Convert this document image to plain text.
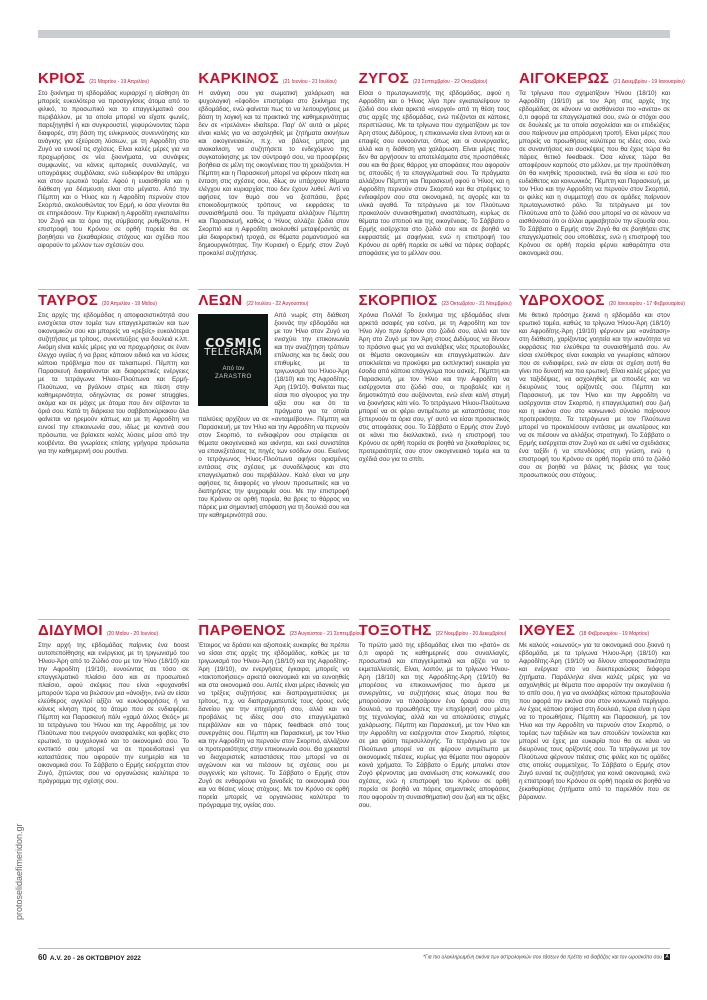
ΚΡΙΟΣ (21 Μαρτίου - 19 Απριλίου)

Στο ξεκίνημα τη εβδομάδας κυριαρχεί η αίσθηση ότι μπορείς ευκολότερα να προσεγγίσεις άτομα από το φιλικό, το προσωπικό και το επαγγελματικό σου περιβάλλον, με τα οποία μπορεί να είχατε φωνές, παρεξηγηθεί ή και συγκρουστεί, γεφυρώνοντας τώρα διαφορές, στη βάση της ειλικρινούς συνεννόησης και ανάγκης για εξεύρεση λύσεων, με τη Αφροδίτη στο Ζυγό να ευνοεί τις σχέσεις. Είναι καλές μέρες για να προχωρήσεις σε νέα ξεκινήματα, να συνάψεις συμφωνίες, να κάνεις εμπορικές συναλλαγές, να υπογράψεις συμβόλαια, ενώ ευδιαφέρον θα υπάρχει και στον ερωτικό τομέα. Αφού η ευαισθησία και η διάθεση για δέσμευση είναι στο μέγιστο. Από την Πέμπτη και ο Ήλιος και η Αφροδίτη περνούν στον Σκορπιό, ακολουθώντας τον Ερμή, κι όσα γίνονται θα σε επηρεάσουν. Την Κυριακή η Αφροδίτη εγκαταλείπει τον Ζυγό και τα όρια της σύμβασης ρυθμίζονται. Η επιστροφή του Κρόνου σε ορθή πορεία θα σε βοηθήσει να ξεκαθαρίσεις στόχους και σχέδια που αφορούν το μέλλον των σχέσεών σου.

ΤΑΥΡΟΣ (20 Απριλίου - 19 Μαΐου)

Στις αρχές της εβδομάδας η αποφασιστικότητά σου ενισχύεται στον τομέα των επαγγελματικών και των οικονομικών σου και μπορείς να «ρεξείς» ευκολότερα συζητήσεις με τρίτους, συνεντεύξεις για δουλειά κ.λπ. Ακόμη είναι καλές μέρες για να προχωρήσεις σε έναν έλεγχο υγείας ή να βρεις κάποιον ειδικό και να λύσεις κάποιο πρόβλημα που σε ταλαιπωρεί. Πέμπτη και Παρασκευή διαφαίνονται και διαφορετικές ενέργειες με τα τετράγωνα Ήλιου-Πλούτωνα και Ερμή-Πλούτωνα, να βγάλουν στρες και πίεση στην καθημερινότητα, οδηγώντας σε power struggles, ακόμα και σε μάχες με άτομα που δεν σέβονται τα όριά σου. Κατά τη διάρκεια του σαββατοκύριακου όλα φαίνεται να ηρεμούν κάπως και με τη Αφροδίτη να ευνοεί την επικοινωνία σου, ιδίως με κοντινά σου πρόσωπα, να βρίσκετε καλές λύσεις μέσα από την κουβέντα. Θα γνωρίσεις επίσης γρήγορα πρόσωπα για την καθημερινή σου ρουτίνα.

ΔΙΔΥΜΟΙ (20 Μαΐου - 20 Ιουνίου)

Στην αρχή της εβδομάδας παίρνεις ένα boost αυτοπεποίθησης και ενέργειας με τη τριγωνισμό του Ήλιου-Άρη από το Ζώδιό σου με τον Ήλιο (18/10) και την Αφροδίτη (19/10), ευνοώντας σε τόσο σε επαγγελματικό πλαίσιο όσο και σε προσωπικό πλαίσιο, αφού σκέψεις που είναι «ψυχαναθεί μπορούν τώρα να βιώσουν μια «άνοιξη», ενώ αν είσαι ελεύθερος αγγελοί αξίζει να κυκλοφορήσεις ή να κάνεις κίνηση προς το άτομο που σε ενδιαφέρει. Πέμπτη και Παρασκευή πάλι «χαμό άλλος Θεός» με τα τετράγωνα του Ήλιου και της Αφροδίτης με τον Πλούτωνα που ενεργούν ανασφαλείες και φοβίες στο ερωτικό, το ψυχολογικό και το οικονομικό σου. Το ενστικτό σου μπορεί να σε προειδοποιεί για καταστάσεις που αφορούν την ευημερία και τα οικονομικά σου. Το Σάββατο ο Ερμής εισέρχεται στον Ζυγό, ζητώντας σου να οργανώσεις καλύτερα το πρόγραμμα της σχέσης σου.

ΚΑΡΚΙΝΟΣ (21 Ιουνίου - 21 Ιουλίου)

Η ανάγκη σου για σωματική χαλάρωση και ψυχολογική «έφοδο» επιστρέφει στο ξεκίνημα της εβδομάδας, ενώ φαίνεται πως το να λειτουργήσεις με βάση τη λογική και τα πρακτικά της καθημερινότητας δεν σε «τρελάνει» ιδιαίτερα. Παρ' όλ' αυτά οι μέρες είναι καλές για να ασχοληθείς με ζητήματα ακινήτων και οικογενειακών, π.χ. να βάλεις μπρος μια ανακαίνιση, να συζητήσετε το ενδεχόμενο της συγκατοίκησης με τον σύντροφό σου, να προσφέρεις βοήθεια σε μέλη της οικογένειας που τη χρειάζονται. Η Πέμπτη και η Παρασκευή μπορεί να φέρουν πίεση και ένταση στις σχέσεις σου, ιδίως αν υπάρχουν θέματα ελέγχου και κυριαρχίας που δεν έχουν λυθεί. Αντί να αφήσεις τον θυμό σου να ξεσπάσει, βρες εποικοδομητικούς τρόπους να εκφράσεις τα συναισθήματά σου. Τα πράγματα αλλάζουν Πέμπτη και Παρασκευή, καθώς ο Ήλιος αλλάζει ζώδιο στον Σκορπιό και η Αφροδίτη ακολουθεί μεταφέροντάς σε μία διαφορετική τροχιά, σε θέματα ρομαντισμού και δημιουργικότητας. Την Κυριακή ο Ερμής στον Ζυγό προκαλεί συζητήσεις.

ΛΕΩΝ (22 Ιουλίου - 22 Αυγούστου)

COSMIC
TELEGRAM
Από τον
ZARASTRO
Από νωρίς στη διάθεση ξεκινάς την εβδομάδα και με τον Ήλιο στον Ζυγό να ενισχύει την επικοινωνία και την αναζήτηση τρόπων επίλυσης και τις δικές σου επιθυμίες με τα τριγωνισμό του Ήλιου-Άρη (18/10) και της Αφροδίτης-Άρη (19/10). Φαίνεται πως είσαι πιο σίγουρος για την αξία σου και ότι τα πράγματα για τα οποία παλεύεις αρχίζουν να σε «ανταμείβουν». Πέμπτη και Παρασκευή, με τον Ήλιο και την Αφροδίτη να περνούν στον Σκορπιό, το ενδιαφέρον σου στρέφεται σε θέματα οικογενειακά και ακίνητα, και εκεί συνιστάται να επανεξετάσεις τις πηγές των εσόδων σου. Εκείνος ο τετράγωνος Ήλιος-Πλούτωνα αφήνει ορισμένες εντάσεις στις σχέσεις με συναδέλφους και στο επαγγελματικό σου περιβάλλον. Καλό είναι να μην αφήσεις τις διαφορές να γίνουν προσωπικές και να διατηρήσεις την ψυχραιμία σου. Με την επιστροφή του Κρόνου σε ορθή πορεία, θα βρεις το θάρρος να πάρεις μια σημαντική απόφαση για τη δουλειά σου και την καθημερινότητά σου.

ΠΑΡΘΕΝΟΣ (23 Αυγούστου - 21 Σεπτεμβρίου)

Έτοιμος να δράσει και αξιοποιείς ευκαιρίες θα πρέπει να είσαι στις αρχές της εβδομάδας, καθώς με τα τριγωνισμό του Ήλιου-Άρη (18/10) και της Αφροδίτης-Άρη (19/10), αν ενεργήσεις έγκαιρα, μπορείς να «τακτοποιήσεις» αρκετά οικονομικά και να ευνοηθείς και στα οικονομικά σου. Αυτές είναι μέρες ιδανικές για να τρέξεις συζητήσεις και διαπραγματεύσεις με τρίτους, π.χ. να διαπραγματευτείς τους όρους ενός δανείου για την επιχείρησή σου, αλλά και να προβάλεις τις ιδέες σου στο επαγγελματικό περιβάλλον και να πάρεις feedback από τους συνεργάτες σου. Πέμπτη και Παρασκευή, με τον Ήλιο και την Αφροδίτη να περνούν στον Σκορπιό, αλλάζουν οι προτεραιότητες στην επικοινωνία σου. Θα χρειαστεί να διαχειριστείς καταστάσεις που μπορεί να σε αγχώνουν και να πιέσουν τις σχέσεις σου με συγγενείς και γείτονες. Το Σάββατο ο Ερμής στον Ζυγό σε ενθαρρύνει να ξαναδείς τα οικονομικά σου και να θέσεις νέους στόχους. Με τον Κρόνο σε ορθή πορεία μπορείς να οργανώσεις καλύτερα το πρόγραμμα της υγείας σου.

ΖΥΓΟΣ (23 Σεπτεμβρίου - 22 Οκτωβρίου)

Είσαι ο πρωταγωνιστής της εβδομάδας, αφού η Αφροδίτη και ο Ήλιος λίγο πριν εγκαταλείψουν το ζώδιό σου είναι αρκετά «ενεργοί» από τη θέση τους στις αρχές της εβδομάδας, ενώ πιέζονται σε κάποιες περιπτώσεις. Με τα τρίγωνα που σχηματίζουν με τον Άρη στους Διδύμους, η επικοινωνία είναι έντονη και οι επαφές σου ευνοούνται, όπως και οι συνεργασίες, αλλά και η διάθεση για χαλάρωση. Είναι μέρες που δεν θα αργήσουν τα αποτελέσματα στις προσπάθειές σου και θα βρεις θάρρος για αποφάσεις που αφορούν τις σπουδές ή τα επαγγελματικά σου. Τα πράγματα αλλάζουν Πέμπτη και Παρασκευή αφού ο Ήλιος και η Αφροδίτη περνούν στον Σκορπιό και θα στρέψεις το ενδιαφέρον σου στα οικονομικά, τις αγορές και τα υλικά αγαθά. Τα τετράγωνα με τον Πλούτωνα προκαλούν συναισθηματική αναστάτωση, κυρίως σε θέματα του σπιτιού και της οικογένειας. Το Σάββατο ο Ερμής εισέρχεται στο ζώδιό σου και σε βοηθά να εκφραστείς με σαφήνεια, ενώ η επιστροφή του Κρόνου σε ορθή πορεία σε ωθεί να πάρεις σοβαρές αποφάσεις για το μέλλον σου.

ΣΚΟΡΠΙΟΣ (23 Οκτωβρίου - 21 Νοεμβρίου)

Χρόνια Πολλά! Το ξεκίνημα της εβδομάδας είναι αρκετά ασαφές για εσένα, με τη Αφροδίτη και τον Ήλιο λίγο πριν έρθουν στο ζώδιό σου, αλλά και τον Άρη στο Ζυγό με τον Άρη στους Διδύμους να δίνουν το πράσινο φως για να αναλάβεις νέες πρωτοβουλίες σε θέματα οικονομικών και επαγγελματικών. Δεν αποκλείεται να προκύψει μια εκπληκτική ευκαιρία για έσοδα από κάποιο επάγγελμα που ασκείς. Πέμπτη και Παρασκευή, με τον Ήλιο και την Αφροδίτη να εισέρχονται στο ζώδιό σου, οι προβολές και η δημοτικότητά σου αυξάνονται, ενώ είναι καλή στιγμή να ξεκινήσεις κάτι νέο. Το τετράγωνο Ήλιου-Πλούτωνα μπορεί να σε φέρει αντιμέτωπο με καταστάσεις που ξεπερνούν τα όρια σου, γι' αυτό να είσαι προσεκτικός στις αποφάσεις σου. Το Σάββατο ο Ερμής στον Ζυγό σε κάνει πιο διαλλακτικό, ενώ η επιστροφή του Κρόνου σε ορθή πορεία σε βοηθά να ξεκαθαρίσεις τις προτεραιότητές σου στον οικογενειακό τομέα και τα σχέδιά σου για το σπίτι.

ΤΟΞΟΤΗΣ (22 Νοεμβρίου - 20 Δεκεμβρίου)

Το πρώτο μισό της εβδομάδας είναι πιο «βατό» σε ό,τι αφορά τις καθημερινές σου συναλλαγές, προσωπικά και επαγγελματικά και αξίζει να το εκμεταλλευτείς. Είναι, λοιπόν, με το τρίγωνο Ήλιου-Άρη (18/10) και της Αφροδίτης-Άρη (19/10) θα μπορέσεις να επικοινωνήσεις πιο άμεσα με συνεργάτες, να συζητήσεις ισως άτομα που θα μπορούσαν να πλασάρουν ένα όραμά σου στη δουλειά, να προωθήσεις την επιχείρησή σου μέσω της τεχνολογίας, αλλά και να απολαύσεις στιγμές χαλάρωσης. Πέμπτη και Παρασκευή, με τον Ήλιο και την Αφροδίτη να εισέρχονται στον Σκορπιό, πέφτεις σε μια φάση περισυλλογής. Τα τετράγωνα με τον Πλούτωνα μπορεί να σε φέρουν αντιμέτωπο με οικονομικές πιέσεις, κυρίως για θέματα που αφορούν κοινά χρήματα. Το Σάββατο ο Ερμής μπαίνει στον Ζυγό φέρνοντας μια ανανέωση στις κοινωνικές σου σχέσεις, ενώ η επιστροφή του Κρόνου σε ορθή πορεία σε βοηθά να πάρεις σημαντικές αποφάσεις που αφορούν τη συναισθηματική σου ζωή και τις αξίες σου.

ΑΙΓΟΚΕΡΩΣ (21 Δεκεμβρίου - 19 Ιανουαρίου)

Τα τρίγωνα που σχηματίζουν Ήλιου (18/10) και Αφροδίτη (19/10) με τον Άρη στις αρχές της εβδομάδας σε κάνουν να αισθάνεσαι πιο «ανετα» σε ό,τι αφορά τα επαγγελματικά σου, ενώ οι στόχοι σου σε δουλειές με τα οποία ασχολείσαι και οι επιδιώξεις σου παίρνουν μια απρόσμενη τροπή. Είναι μέρες που μπορείς να προωθήσεις καλύτερα τις ιδέες σου, ενώ σε συναντήσεις και συσκέψεις που θα έχεις τώρα θα πάρεις θετικό feedback. Όσα κάνεις τώρα θα αποφέρουν καρπούς στο μέλλον, με την προϋπόθεση ότι θα κινηθείς προσεκτικά, ενώ θα είσαι κι εσύ πιο ευδιάθετος και κοινωνικός. Πέμπτη και Παρασκευή, με τον Ήλιο και την Αφροδίτη να περνούν στον Σκορπιό, οι φιλίες και η συμμετοχή σου σε ομάδες παίρνουν πρωταγωνιστικό ρόλο. Τα τετράγωνα με τον Πλούτωνα από το ζώδιό σου μπορεί να σε κάνουν να αισθάνεσαι ότι οι άλλοι αμφισβητούν την εξουσία σου. Το Σάββατο ο Ερμής στον Ζυγό θα σε βοηθήσει στις επαγγελματικές σου υποθέσεις, ενώ η επιστροφή του Κρόνου σε ορθή πορεία φέρνει καθαρότητα στα οικονομικά σου.

ΥΔΡΟΧΟΟΣ (20 Ιανουαρίου - 17 Φεβρουαρίου)

Με θετικό πρόσημο ξεκινά η εβδομάδα και στον ερωτικό τομέα, καθώς τα τρίγωνα Ήλιου-Άρη (18/10) και Αφροδίτης-Άρη (19/10) φέρνουν μια «ανάταση» στη διάθεση, χαρίζοντας γοητεία και την ικανότητα να εκφράσεις πιο ελεύθερα τα συναισθήματά σου. Αν είσαι ελεύθερος είναι ευκαιρία να γνωρίσεις κάποιον που σε ενδιαφέρει, ενώ αν είσαι σε σχέση αυτή θα γίνει πιο δυνατή και πιο ερωτική. Είναι καλές μέρες για να ταξιδέψεις, να ασχοληθείς με σπουδές και να διευρύνεις τους ορίζοντές σου. Πέμπτη και Παρασκευή, με τον Ήλιο και την Αφροδίτη να εισέρχονται στον Σκορπιό, η επαγγελματική σου ζωή και η εικόνα σου στο κοινωνικό σύνολο παίρνουν προτεραιότητα. Τα τετράγωνα με τον Πλούτωνα μπορεί να προκαλέσουν εντάσεις με ανωτέρους και να σε πιέσουν να αλλάξεις στρατηγική. Το Σάββατο ο Ερμής εισέρχεται στον Ζυγό και σε ωθεί να σχεδιάσεις ένα ταξίδι ή να επενδύσεις στη γνώση, ενώ η επιστροφή του Κρόνου σε ορθή πορεία από το ζώδιό σου σε βοηθά να βάλεις τις βάσεις για τους προσωπικούς σου στόχους.

ΙΧΘΥΕΣ (18 Φεβρουαρίου - 19 Μαρτίου)

Με καλούς «οιωνούς» για τα οικονομικά σου ξεκινά η εβδομάδα, με τα τρίγωνα Ήλιου-Άρη (18/10) και Αφροδίτης-Άρη (19/10) να δίνουν αποφασιστικότητα και ενέργεια στο να διεκπεραιώσεις διάφορα ζητήματα. Παράλληλα είναι καλές μέρες για να ασχοληθείς με θέματα που αφορούν την οικογένεια ή το σπίτι σου, ή για να αναλάβεις κάποια πρωτοβουλία που αφορά την εικόνα σου στον κοινωνικό περίγυρο. Αν έχεις κάποιο project στη δουλειά, τώρα είναι η ώρα να το προωθήσεις. Πέμπτη και Παρασκευή, με τον Ήλιο και την Αφροδίτη να περνούν στον Σκορπιό, ο τομέας των ταξιδιών και των σπουδών τονώνεται και μπορεί να έχεις μια ευκαιρία που θα σε κάνει να διευρύνεις τους ορίζοντές σου. Τα τετράγωνα με τον Πλούτωνα φέρνουν πιέσεις στις φιλίες και τις ομάδες στις οποίες συμμετέχεις. Το Σάββατο ο Ερμής στον Ζυγό ευνοεί τις συζητήσεις για κοινά οικονομικά, ενώ η επιστροφή του Κρόνου σε ορθή πορεία σε βοηθά να ξεκαθαρίσεις ζητήματα από το παρελθόν που σε βάραιναν.

protoselidaefimeridon.gr
60 Α.V. 20 - 26 ΟΚΤΩΒΡΙΟΥ 2022	*Για πιο ολοκληρωμένη εικόνα των αστρολογικών σου τάσεων θα πρέπει να διαβάζεις και τον ωροσκόπο σου A
